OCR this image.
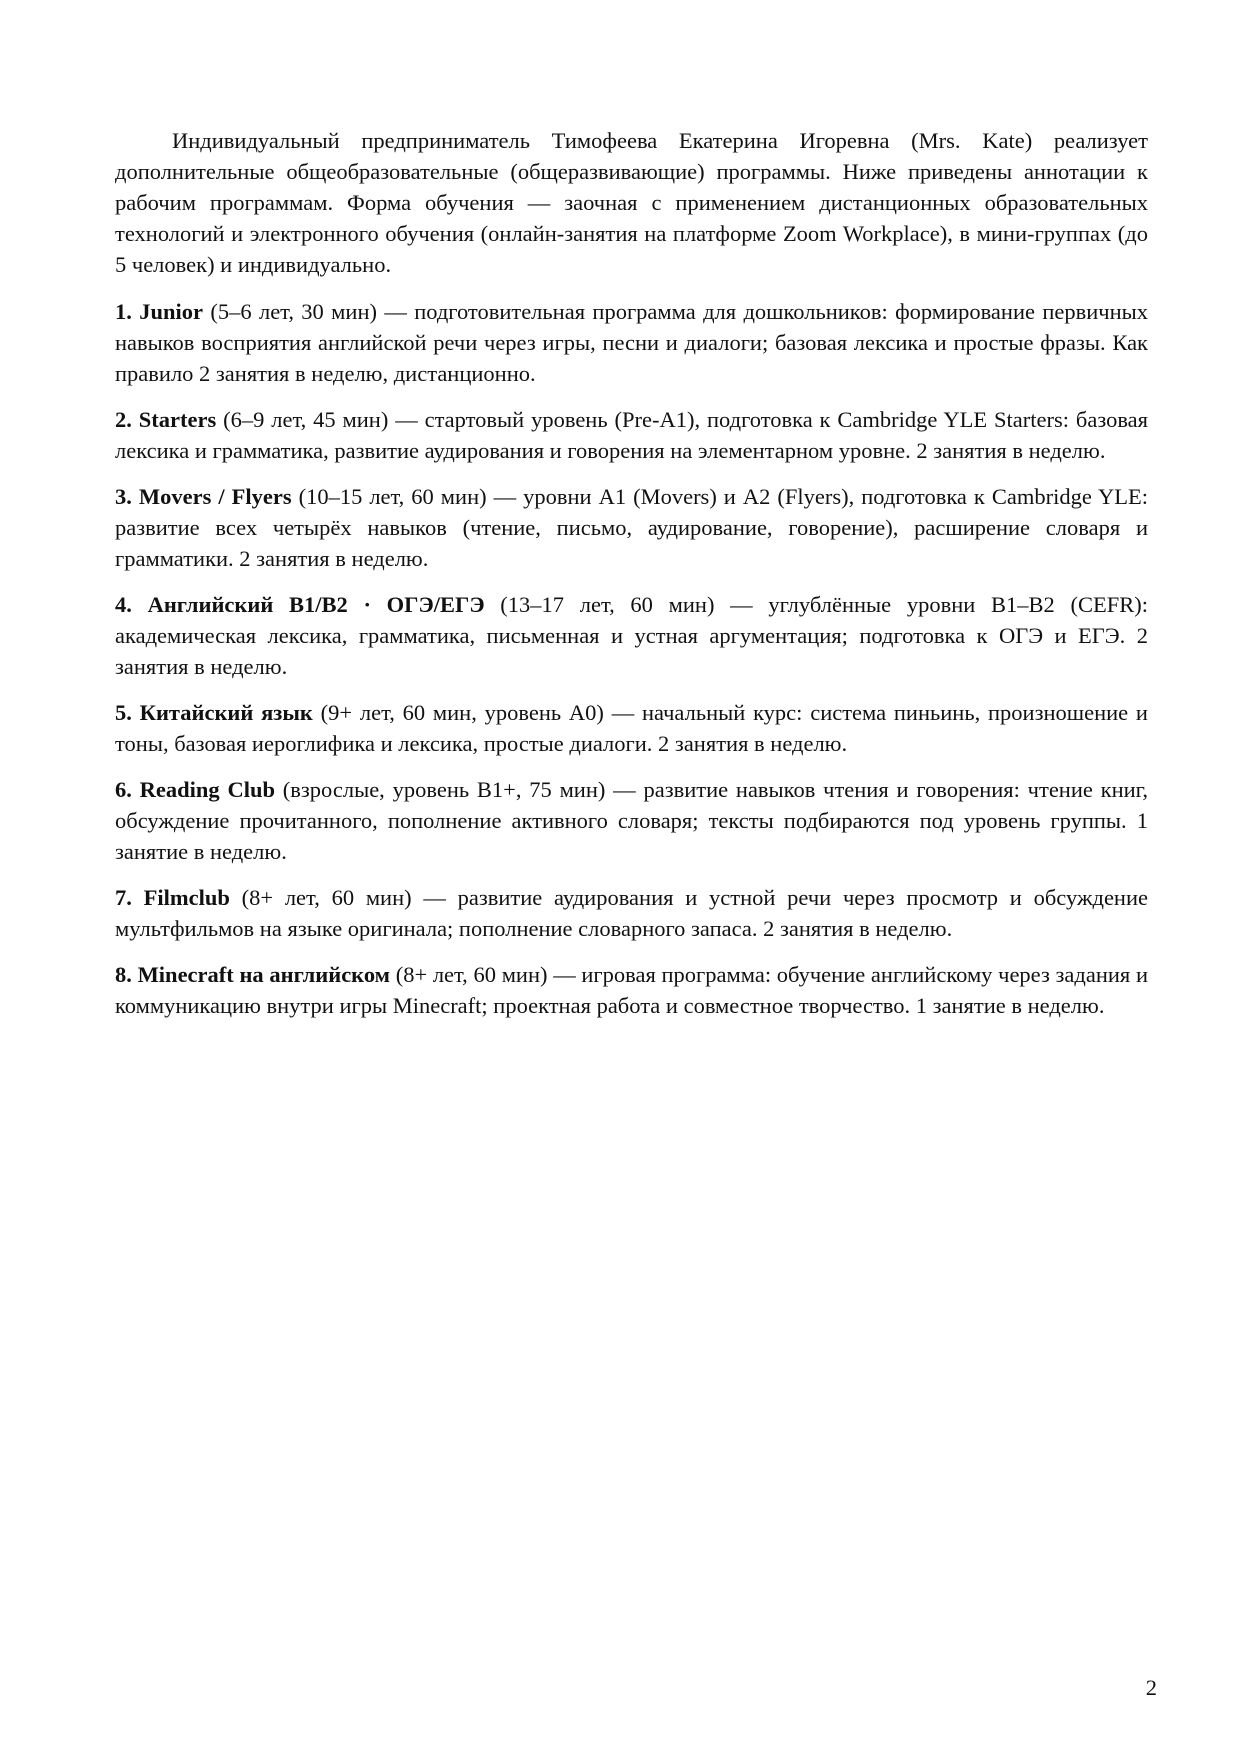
Индивидуальный предприниматель Тимофеева Екатерина Игоревна (Mrs. Kate) реализует дополнительные общеобразовательные (общеразвивающие) программы. Ниже приведены аннотации к рабочим программам. Форма обучения — заочная с применением дистанционных образовательных технологий и электронного обучения (онлайн-занятия на платформе Zoom Workplace), в мини-группах (до 5 человек) и индивидуально.

1. Junior (5–6 лет, 30 мин) — подготовительная программа для дошкольников: формирование первичных навыков восприятия английской речи через игры, песни и диалоги; базовая лексика и простые фразы. Как правило 2 занятия в неделю, дистанционно.

2. Starters (6–9 лет, 45 мин) — стартовый уровень (Pre-A1), подготовка к Cambridge YLE Starters: базовая лексика и грамматика, развитие аудирования и говорения на элементарном уровне. 2 занятия в неделю.

3. Movers / Flyers (10–15 лет, 60 мин) — уровни A1 (Movers) и A2 (Flyers), подготовка к Cambridge YLE: развитие всех четырёх навыков (чтение, письмо, аудирование, говорение), расширение словаря и грамматики. 2 занятия в неделю.

4. Английский B1/B2 · ОГЭ/ЕГЭ (13–17 лет, 60 мин) — углублённые уровни B1–B2 (CEFR): академическая лексика, грамматика, письменная и устная аргументация; подготовка к ОГЭ и ЕГЭ. 2 занятия в неделю.

5. Китайский язык (9+ лет, 60 мин, уровень A0) — начальный курс: система пиньинь, произношение и тоны, базовая иероглифика и лексика, простые диалоги. 2 занятия в неделю.

6. Reading Club (взрослые, уровень B1+, 75 мин) — развитие навыков чтения и говорения: чтение книг, обсуждение прочитанного, пополнение активного словаря; тексты подбираются под уровень группы. 1 занятие в неделю.

7. Filmclub (8+ лет, 60 мин) — развитие аудирования и устной речи через просмотр и обсуждение мультфильмов на языке оригинала; пополнение словарного запаса. 2 занятия в неделю.

8. Minecraft на английском (8+ лет, 60 мин) — игровая программа: обучение английскому через задания и коммуникацию внутри игры Minecraft; проектная работа и совместное творчество. 1 занятие в неделю.

2
